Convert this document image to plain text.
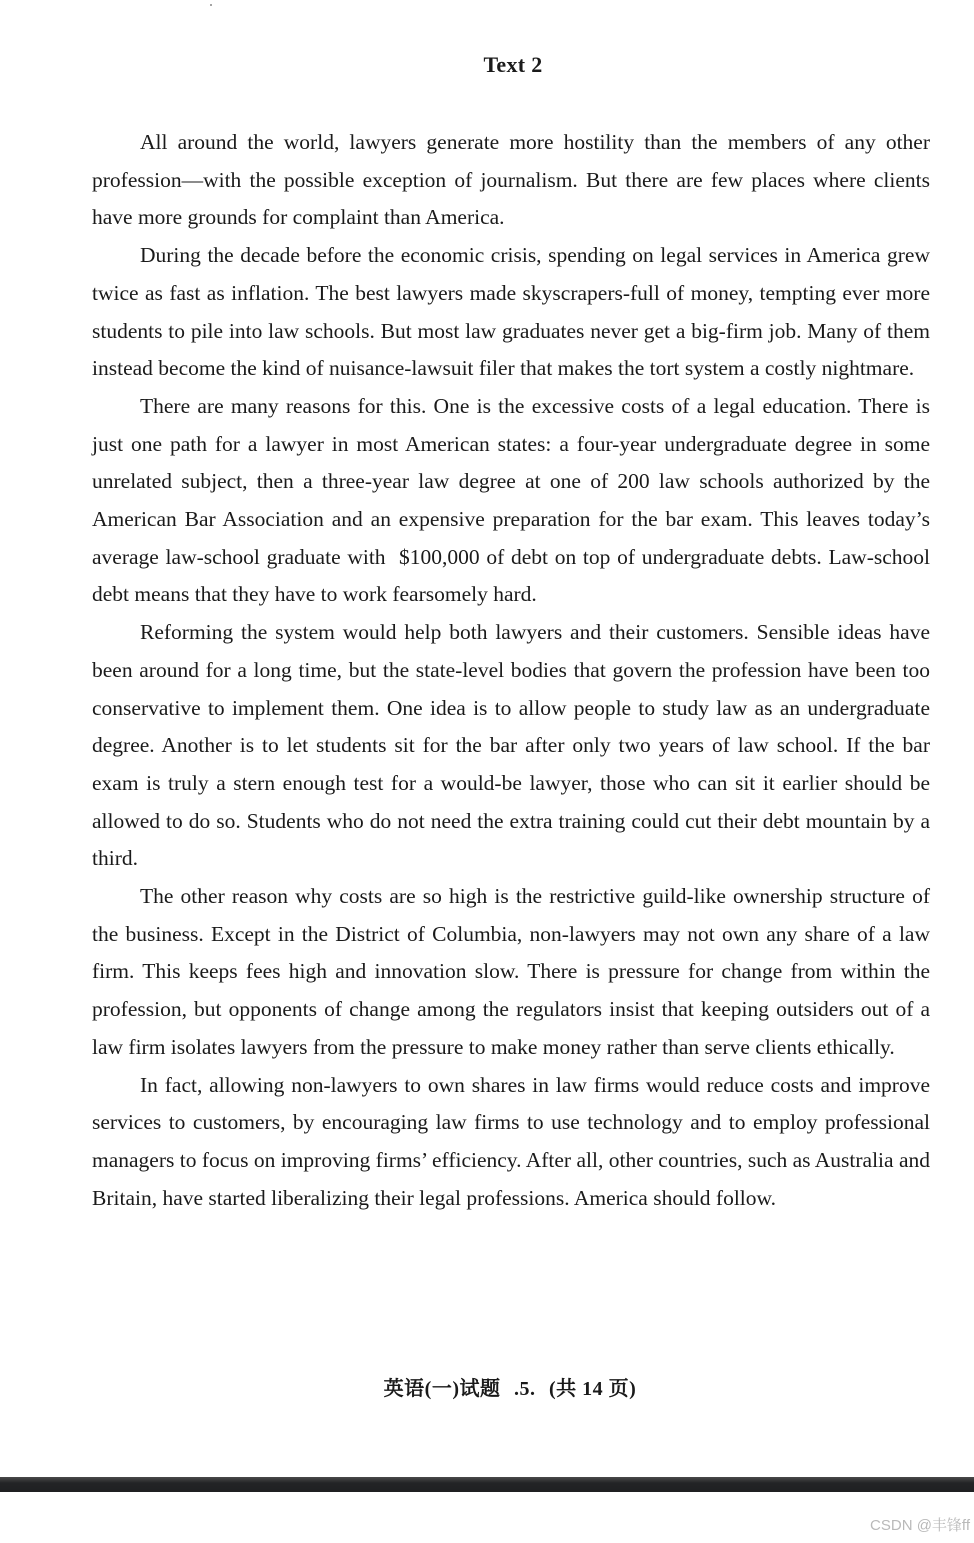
Text 2

All around the world, lawyers generate more hostility than the members of any other profession—with the possible exception of journalism. But there are few places where clients have more grounds for complaint than America.

During the decade before the economic crisis, spending on legal services in America grew twice as fast as inflation. The best lawyers made skyscrapers-full of money, tempting ever more students to pile into law schools. But most law graduates never get a big-firm job. Many of them instead become the kind of nuisance-lawsuit filer that makes the tort system a costly nightmare.

There are many reasons for this. One is the excessive costs of a legal education. There is just one path for a lawyer in most American states: a four-year undergraduate degree in some unrelated subject, then a three-year law degree at one of 200 law schools authorized by the American Bar Association and an expensive preparation for the bar exam. This leaves today’s average law-school graduate with  $100,000 of debt on top of undergraduate debts. Law-school debt means that they have to work fearsomely hard.

Reforming the system would help both lawyers and their customers. Sensible ideas have been around for a long time, but the state-level bodies that govern the profession have been too conservative to implement them. One idea is to allow people to study law as an undergraduate degree. Another is to let students sit for the bar after only two years of law school. If the bar exam is truly a stern enough test for a would-be lawyer, those who can sit it earlier should be allowed to do so. Students who do not need the extra training could cut their debt mountain by a third.

The other reason why costs are so high is the restrictive guild-like ownership structure of the business. Except in the District of Columbia, non-lawyers may not own any share of a law firm. This keeps fees high and innovation slow. There is pressure for change from within the profession, but opponents of change among the regulators insist that keeping outsiders out of a law firm isolates lawyers from the pressure to make money rather than serve clients ethically.

In fact, allowing non-lawyers to own shares in law firms would reduce costs and improve services to customers, by encouraging law firms to use technology and to employ professional managers to focus on improving firms’ efficiency. After all, other countries, such as Australia and Britain, have started liberalizing their legal professions. America should follow.

英语(一)试题 .5. (共 14 页)
CSDN @丰锋ff
